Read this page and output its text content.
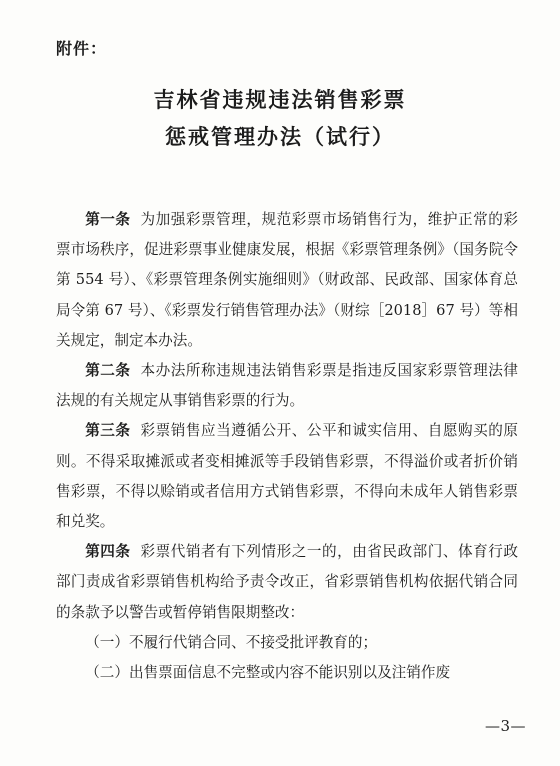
附件：
吉林省违规违法销售彩票
惩戒管理办法（试行）

第一条 为加强彩票管理，规范彩票市场销售行为，维护正常的彩票市场秩序，促进彩票事业健康发展，根据《彩票管理条例》（国务院令第 554 号）、《彩票管理条例实施细则》（财政部、民政部、国家体育总局令第 67 号）、《彩票发行销售管理办法》（财综［2018］67 号）等相关规定，制定本办法。

第二条 本办法所称违规违法销售彩票是指违反国家彩票管理法律法规的有关规定从事销售彩票的行为。

第三条 彩票销售应当遵循公开、公平和诚实信用、自愿购买的原则。不得采取摊派或者变相摊派等手段销售彩票，不得溢价或者折价销售彩票，不得以赊销或者信用方式销售彩票，不得向未成年人销售彩票和兑奖。

第四条 彩票代销者有下列情形之一的，由省民政部门、体育行政部门责成省彩票销售机构给予责令改正，省彩票销售机构依据代销合同的条款予以警告或暂停销售限期整改：

（一）不履行代销合同、不接受批评教育的；

（二）出售票面信息不完整或内容不能识别以及注销作废

—3—
